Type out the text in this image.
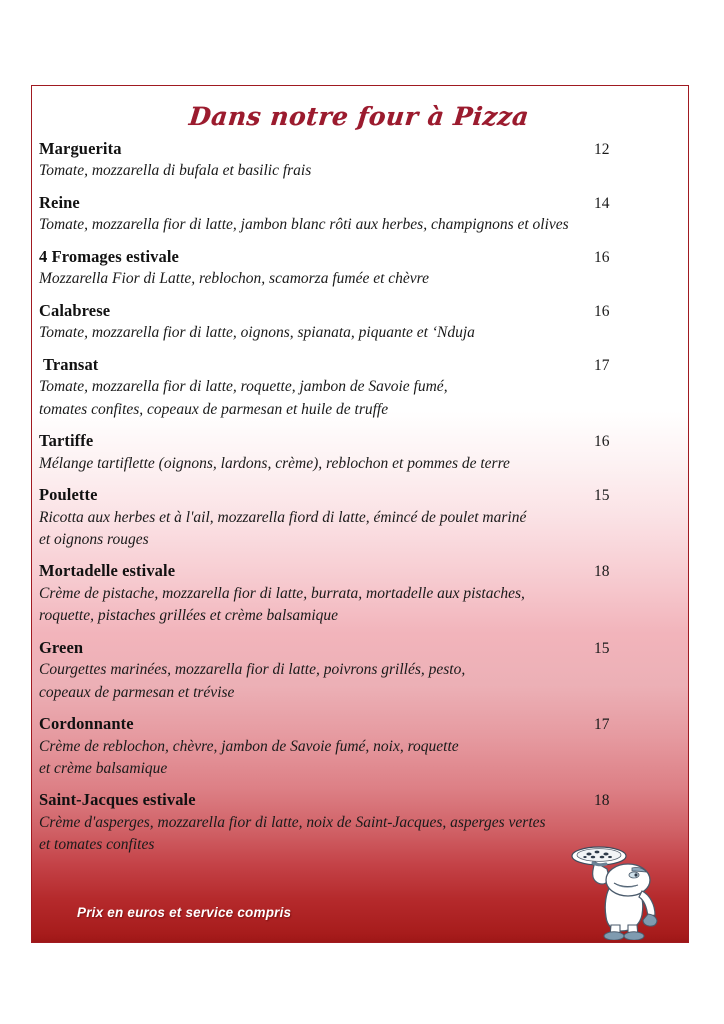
Dans notre four à Pizza
Marguerita	12
Tomate, mozzarella di bufala et basilic frais
Reine	14
Tomate, mozzarella fior di latte, jambon blanc rôti aux herbes, champignons et olives
4 Fromages estivale	16
Mozzarella Fior di Latte, reblochon, scamorza fumée et chèvre
Calabrese	16
Tomate, mozzarella fior di latte, oignons, spianata, piquante et ‘Nduja
Transat	17
Tomate, mozzarella fior di latte, roquette, jambon de Savoie fumé,
tomates confites, copeaux de parmesan et huile de truffe
Tartiffe	16
Mélange tartiflette (oignons, lardons, crème), reblochon et pommes de terre
Poulette	15
Ricotta aux herbes et à l'ail, mozzarella fiord di latte, émincé de poulet mariné
et oignons rouges
Mortadelle estivale	18
Crème de pistache, mozzarella fior di latte, burrata, mortadelle aux pistaches,
roquette, pistaches grillées et crème balsamique
Green	15
Courgettes marinées, mozzarella fior di latte, poivrons grillés, pesto,
copeaux de parmesan et trévise
Cordonnante	17
Crème de reblochon, chèvre, jambon de Savoie fumé, noix, roquette
et crème balsamique
Saint-Jacques estivale	18
Crème d'asperges, mozzarella fior di latte, noix de Saint-Jacques, asperges vertes
et tomates confites
Prix en euros et service compris
